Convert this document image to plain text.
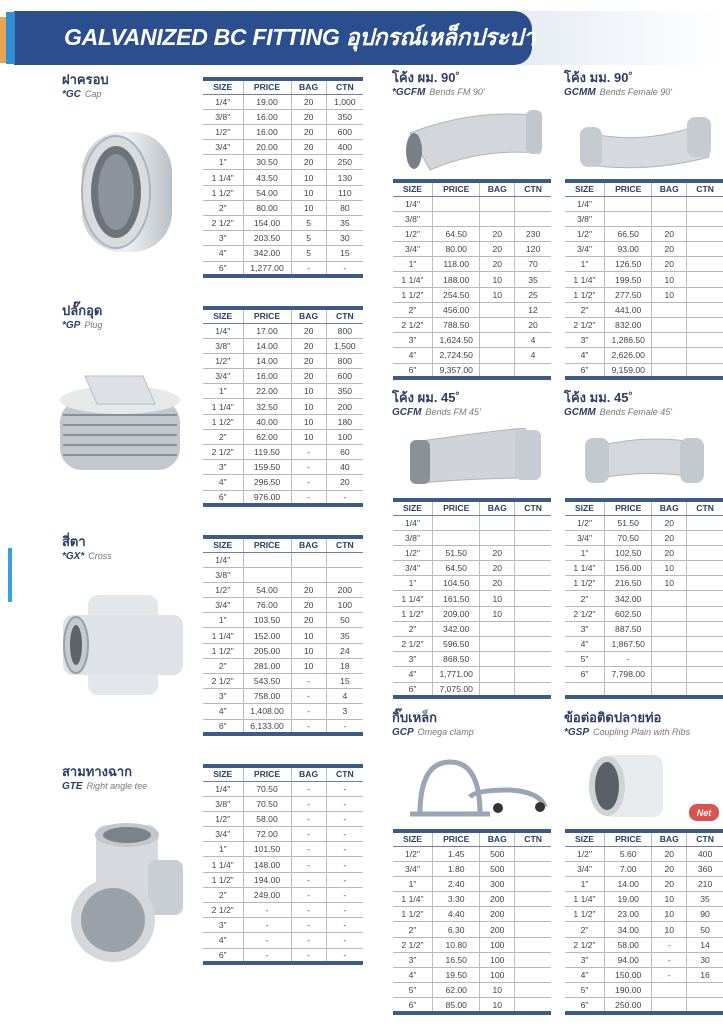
GALVANIZED BC FITTING อุปกรณ์เหล็กประปา
ฝาครอบ
*GC Cap
ปลั๊กอุด
*GP Plug
สี่ตา
*GX* Cross
สามทางฉาก
GTE Right angle tee
โค้ง ผม. 90˚
*GCFM Bends FM 90'
โค้ง มม. 90˚
GCMM Bends Female 90'
โค้ง ผม. 45˚
GCFM Bends FM 45'
โค้ง มม. 45˚
GCMM Bends Female 45'
กิ๊บเหล็ก
GCP Omega clamp
ข้อต่อติดปลายท่อ
*GSP Coupling Plain with Ribs
Net
SIZE	PRICE	BAG	CTN
1/4"	19.00	20	1,000
3/8"	16.00	20	350
1/2"	16.00	20	600
3/4"	20.00	20	400
1"	30.50	20	250
1 1/4"	43.50	10	130
1 1/2"	54.00	10	110
2"	80.00	10	80
2 1/2"	154.00	5	35
3"	203.50	5	30
4"	342.00	5	15
6"	1,277.00	-	-
SIZE	PRICE	BAG	CTN
1/4"	17.00	20	800
3/8"	14.00	20	1,500
1/2"	14.00	20	800
3/4"	16.00	20	600
1"	22.00	10	350
1 1/4"	32.50	10	200
1 1/2"	40.00	10	180
2"	62.00	10	100
2 1/2"	119.50	-	60
3"	159.50	-	40
4"	296.50	-	20
6"	976.00	-	-
SIZE	PRICE	BAG	CTN
1/4"			
3/8"			
1/2"	54.00	20	200
3/4"	76.00	20	100
1"	103.50	20	50
1 1/4"	152.00	10	35
1 1/2"	205.00	10	24
2"	281.00	10	18
2 1/2"	543.50	-	15
3"	758.00	-	4
4"	1,408.00	-	3
6"	6,133.00	-	-
SIZE	PRICE	BAG	CTN
1/4"	70.50	-	-
3/8"	70.50	-	-
1/2"	58.00	-	-
3/4"	72.00	-	-
1"	101.50	-	-
1 1/4"	148.00	-	-
1 1/2"	194.00	-	-
2"	249.00	-	-
2 1/2"	-	-	-
3"	-	-	-
4"	-	-	-
6"	-	-	-
SIZE	PRICE	BAG	CTN
1/4"			
3/8"			
1/2"	64.50	20	230
3/4"	80.00	20	120
1"	118.00	20	70
1 1/4"	188.00	10	35
1 1/2"	254.50	10	25
2"	456.00		12
2 1/2"	788.50		20
3"	1,624.50		4
4"	2,724.50		4
6"	9,357.00		
SIZE	PRICE	BAG	CTN
1/4"			
3/8"			
1/2"	66.50	20	
3/4"	93.00	20	
1"	126.50	20	
1 1/4"	199.50	10	
1 1/2"	277.50	10	
2"	441.00		
2 1/2"	832.00		
3"	1,286.50		
4"	2,626.00		
6"	9,159.00		
SIZE	PRICE	BAG	CTN
1/4"			
3/8"			
1/2"	51.50	20	
3/4"	64.50	20	
1"	104.50	20	
1 1/4"	161.50	10	
1 1/2"	209.00	10	
2"	342.00		
2 1/2"	596.50		
3"	868.50		
4"	1,771.00		
6"	7,075.00		
SIZE	PRICE	BAG	CTN
1/2"	51.50	20	
3/4"	70.50	20	
1"	102.50	20	
1 1/4"	156.00	10	
1 1/2"	216.50	10	
2"	342.00		
2 1/2"	602.50		
3"	887.50		
4"	1,867.50		
5"	-		
6"	7,798.00		

SIZE	PRICE	BAG	CTN
1/2"	1.45	500	
3/4"	1.80	500	
1"	2.40	300	
1 1/4"	3.30	200	
1 1/2"	4.40	200	
2"	6.30	200	
2 1/2"	10.80	100	
3"	16.50	100	
4"	19.50	100	
5"	62.00	10	
6"	85.00	10	
SIZE	PRICE	BAG	CTN
1/2"	5.60	20	400
3/4"	7.00	20	360
1"	14.00	20	210
1 1/4"	19.00	10	35
1 1/2"	23.00	10	90
2"	34.00	10	50
2 1/2"	58.00	-	14
3"	94.00	-	30
4"	150.00	-	16
5"	190.00		
6"	250.00		
